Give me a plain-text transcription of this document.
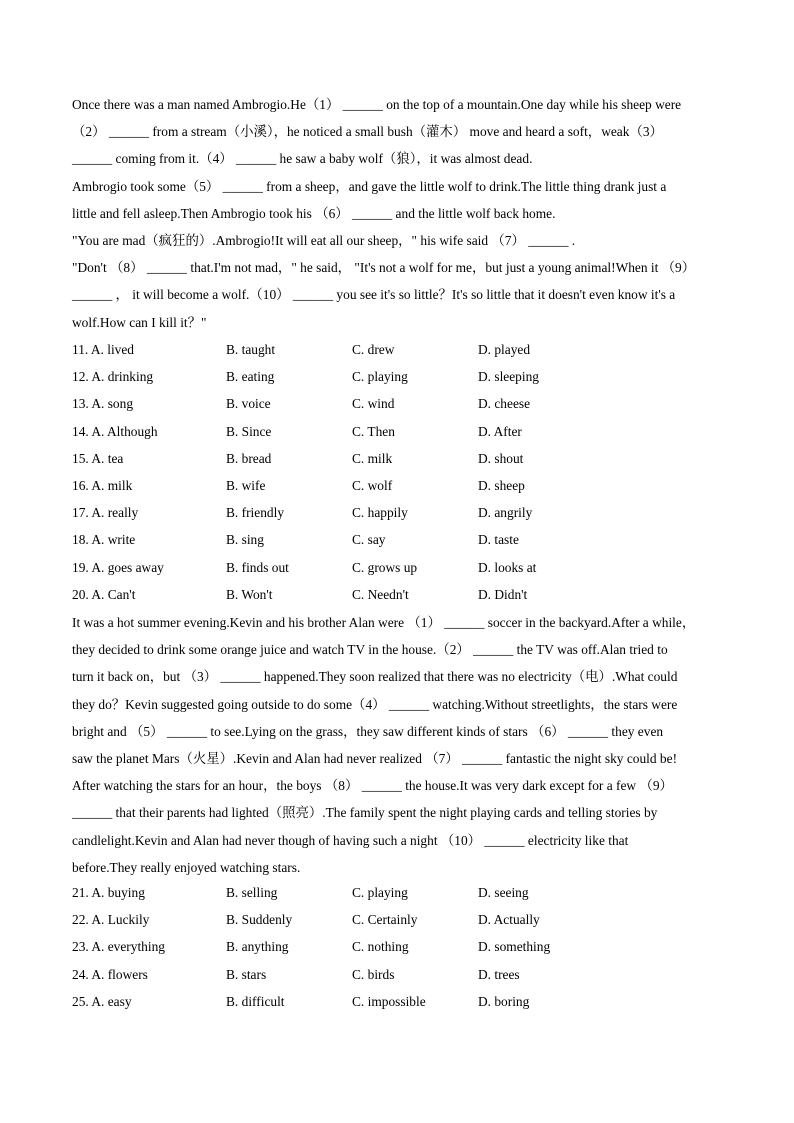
Once there was a man named Ambrogio.He（1） ______ on the top of a mountain.One day while his sheep were
（2） ______ from a stream（小溪），he noticed a small bush（灌木） move and heard a soft，weak（3）
______ coming from it.（4） ______ he saw a baby wolf（狼），it was almost dead.
Ambrogio took some（5） ______ from a sheep，and gave the little wolf to drink.The little thing drank just a
little and fell asleep.Then Ambrogio took his （6） ______ and the little wolf back home.
"You are mad（疯狂的）.Ambrogio!It will eat all our sheep，" his wife said （7） ______ .
"Don't （8） ______ that.I'm not mad，" he said， "It's not a wolf for me，but just a young animal!When it （9）
______ ， it will become a wolf.（10） ______ you see it's so little？It's so little that it doesn't even know it's a
wolf.How can I kill it？"
11. A. lived	B. taught	C. drew	D. played
12. A. drinking	B. eating	C. playing	D. sleeping
13. A. song	B. voice	C. wind	D. cheese
14. A. Although	B. Since	C. Then	D. After
15. A. tea	B. bread	C. milk	D. shout
16. A. milk	B. wife	C. wolf	D. sheep
17. A. really	B. friendly	C. happily	D. angrily
18. A. write	B. sing	C. say	D. taste
19. A. goes away	B. finds out	C. grows up	D. looks at
20. A. Can't	B. Won't	C. Needn't	D. Didn't
It was a hot summer evening.Kevin and his brother Alan were （1） ______ soccer in the backyard.After a while，
they decided to drink some orange juice and watch TV in the house.（2） ______ the TV was off.Alan tried to
turn it back on，but （3） ______ happened.They soon realized that there was no electricity（电）.What could
they do？Kevin suggested going outside to do some（4） ______ watching.Without streetlights，the stars were
bright and （5） ______ to see.Lying on the grass，they saw different kinds of stars （6） ______ they even
saw the planet Mars（火星）.Kevin and Alan had never realized （7） ______ fantastic the night sky could be!
After watching the stars for an hour，the boys （8） ______ the house.It was very dark except for a few （9）
______ that their parents had lighted（照亮）.The family spent the night playing cards and telling stories by
candlelight.Kevin and Alan had never though of having such a night （10） ______ electricity like that
before.They really enjoyed watching stars.
21. A. buying	B. selling	C. playing	D. seeing
22. A. Luckily	B. Suddenly	C. Certainly	D. Actually
23. A. everything	B. anything	C. nothing	D. something
24. A. flowers	B. stars	C. birds	D. trees
25. A. easy	B. difficult	C. impossible	D. boring
